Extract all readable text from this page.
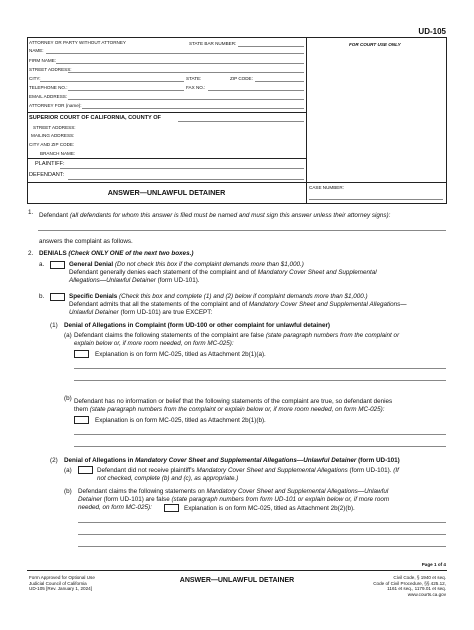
UD-105
ATTORNEY OR PARTY WITHOUT ATTORNEY	STATE BAR NUMBER:	FOR COURT USE ONLY
NAME:
FIRM NAME:
STREET ADDRESS:
CITY:	STATE:	ZIP CODE:
TELEPHONE NO.:	FAX NO.:
EMAIL ADDRESS:
ATTORNEY FOR (name):
SUPERIOR COURT OF CALIFORNIA, COUNTY OF
STREET ADDRESS:
MAILING ADDRESS:
CITY AND ZIP CODE:
BRANCH NAME:
PLAINTIFF:
DEFENDANT:
ANSWER—UNLAWFUL DETAINER
CASE NUMBER:
1. Defendant (all defendants for whom this answer is filed must be named and must sign this answer unless their attorney signs):
answers the complaint as follows.
2. DENIALS (Check ONLY ONE of the next two boxes.)
a.	General Denial (Do not check this box if the complaint demands more than $1,000.)
Defendant generally denies each statement of the complaint and of Mandatory Cover Sheet and Supplemental
Allegations—Unlawful Detainer (form UD-101).
b.	Specific Denials (Check this box and complete (1) and (2) below if complaint demands more than $1,000.)
Defendant admits that all the statements of the complaint and of Mandatory Cover Sheet and Supplemental Allegations—
Unlawful Detainer (form UD-101) are true EXCEPT:
(1) Denial of Allegations in Complaint (form UD-100 or other complaint for unlawful detainer)
(a) Defendant claims the following statements of the complaint are false (state paragraph numbers from the complaint or
explain below or, if more room needed, on form MC-025):
Explanation is on form MC-025, titled as Attachment 2b(1)(a).
(b) Defendant has no information or belief that the following statements of the complaint are true, so defendant denies
them (state paragraph numbers from the complaint or explain below or, if more room needed, on form MC-025):
Explanation is on form MC-025, titled as Attachment 2b(1)(b).
(2) Denial of Allegations in Mandatory Cover Sheet and Supplemental Allegations—Unlawful Detainer (form UD-101)
(a)	Defendant did not receive plaintiff's Mandatory Cover Sheet and Supplemental Allegations (form UD-101). (If
not checked, complete (b) and (c), as appropriate.)
(b) Defendant claims the following statements on Mandatory Cover Sheet and Supplemental Allegations—Unlawful
Detainer (form UD-101) are false (state paragraph numbers from form UD-101 or explain below or, if more room
needed, on form MC-025):	Explanation is on form MC-025, titled as Attachment 2b(2)(b).
Page 1 of 4
Form Approved for Optional Use
Judicial Council of California
UD-105 [Rev. January 1, 2024]
ANSWER—UNLAWFUL DETAINER	Civil Code, § 1940 et seq.
Code of Civil Procedure, §§ 425.12,
1161 et seq., 1179.01 et seq.
www.courts.ca.gov
